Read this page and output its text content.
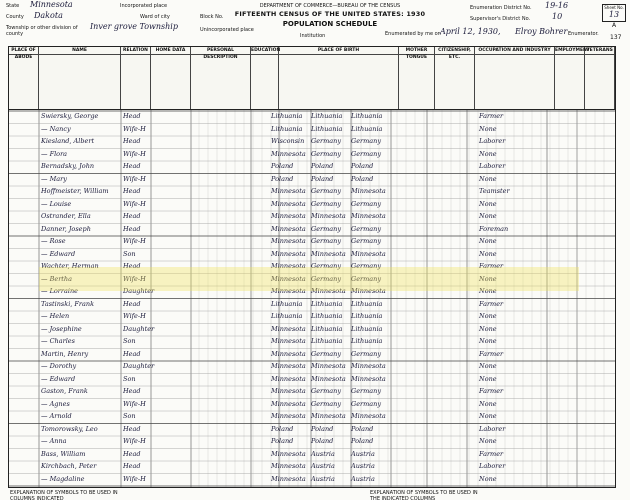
State Minnesota
County Dakota
Township or other division of county
Inver grove Township
Incorporated place
Ward of city	Block No.
Unincorporated place
Institution
DEPARTMENT OF COMMERCE—BUREAU OF THE CENSUS
FIFTEENTH CENSUS OF THE UNITED STATES: 1930
POPULATION SCHEDULE
Enumerated by me on April 12, 1930, Elroy Bohrer Enumerator.
Enumeration District No. 19-16
Supervisor's District No.	10
Sheet No.
13
A
137
PLACE OF ABODE
NAME	RELATION	HOME DATA	PERSONAL DESCRIPTION
EDUCATION	PLACE OF BIRTH	MOTHER TONGUE
CITIZENSHIP, ETC.
OCCUPATION AND INDUSTRY EMPLOYMENT
VETERANS
Swiersky, George	Head	Lithuania	Lithuania	Lithuania	Farmer
— Nancy	Wife-H	Lithuania	Lithuania	Lithuania	None
Kiesland, Albert	Head	Wisconsin	Germany	Germany	Laborer
— Flora	Wife-H	Minnesota Germany	Germany	None
Bernadsky, John	Head	Poland	Poland	Poland	Laborer
— Mary	Wife-H	Poland	Poland	Poland	None
Hoffmeister, William	Head	Minnesota Germany	Minnesota	Teamster
— Louise	Wife-H	Minnesota Germany	Germany	None
Ostrander, Ella	Head	Minnesota Minnesota Minnesota	None
Danner, Joseph	Head	Minnesota Germany	Germany	Foreman
— Rose	Wife-H	Minnesota Germany	Germany	None
— Edward	Son	Minnesota Minnesota Minnesota	None
Wachter, Herman	Head	Minnesota Germany	Germany	Farmer
— Bertha	Wife-H	Minnesota Germany	Germany	None
— Lorraine	Daughter	Minnesota Minnesota Minnesota	None
Tastinski, Frank	Head	Lithuania	Lithuania	Lithuania	Farmer
— Helen	Wife-H	Lithuania	Lithuania	Lithuania	None
— Josephine	Daughter	Minnesota Lithuania	Lithuania	None
— Charles	Son	Minnesota Lithuania	Lithuania	None
Martin, Henry	Head	Minnesota Germany	Germany	Farmer
— Dorothy	Daughter	Minnesota Minnesota Minnesota	None
— Edward	Son	Minnesota Minnesota Minnesota	None
Gaston, Frank	Head	Minnesota Germany	Germany	Farmer
— Agnes	Wife-H	Minnesota Germany	Germany	None
— Arnold	Son	Minnesota Minnesota Minnesota	None
Tomorowsky, Leo	Head	Poland	Poland	Poland	Laborer
— Anna	Wife-H	Poland	Poland	Poland	None
Bass, William	Head	Minnesota Austria	Austria	Farmer
Kirchbach, Peter	Head	Minnesota Austria	Austria	Laborer
— Magdaline	Wife-H	Minnesota Austria	Austria	None
EXPLANATION OF SYMBOLS TO BE USED IN COLUMNS INDICATED
EXPLANATION OF SYMBOLS TO BE USED IN THE INDICATED COLUMNS
